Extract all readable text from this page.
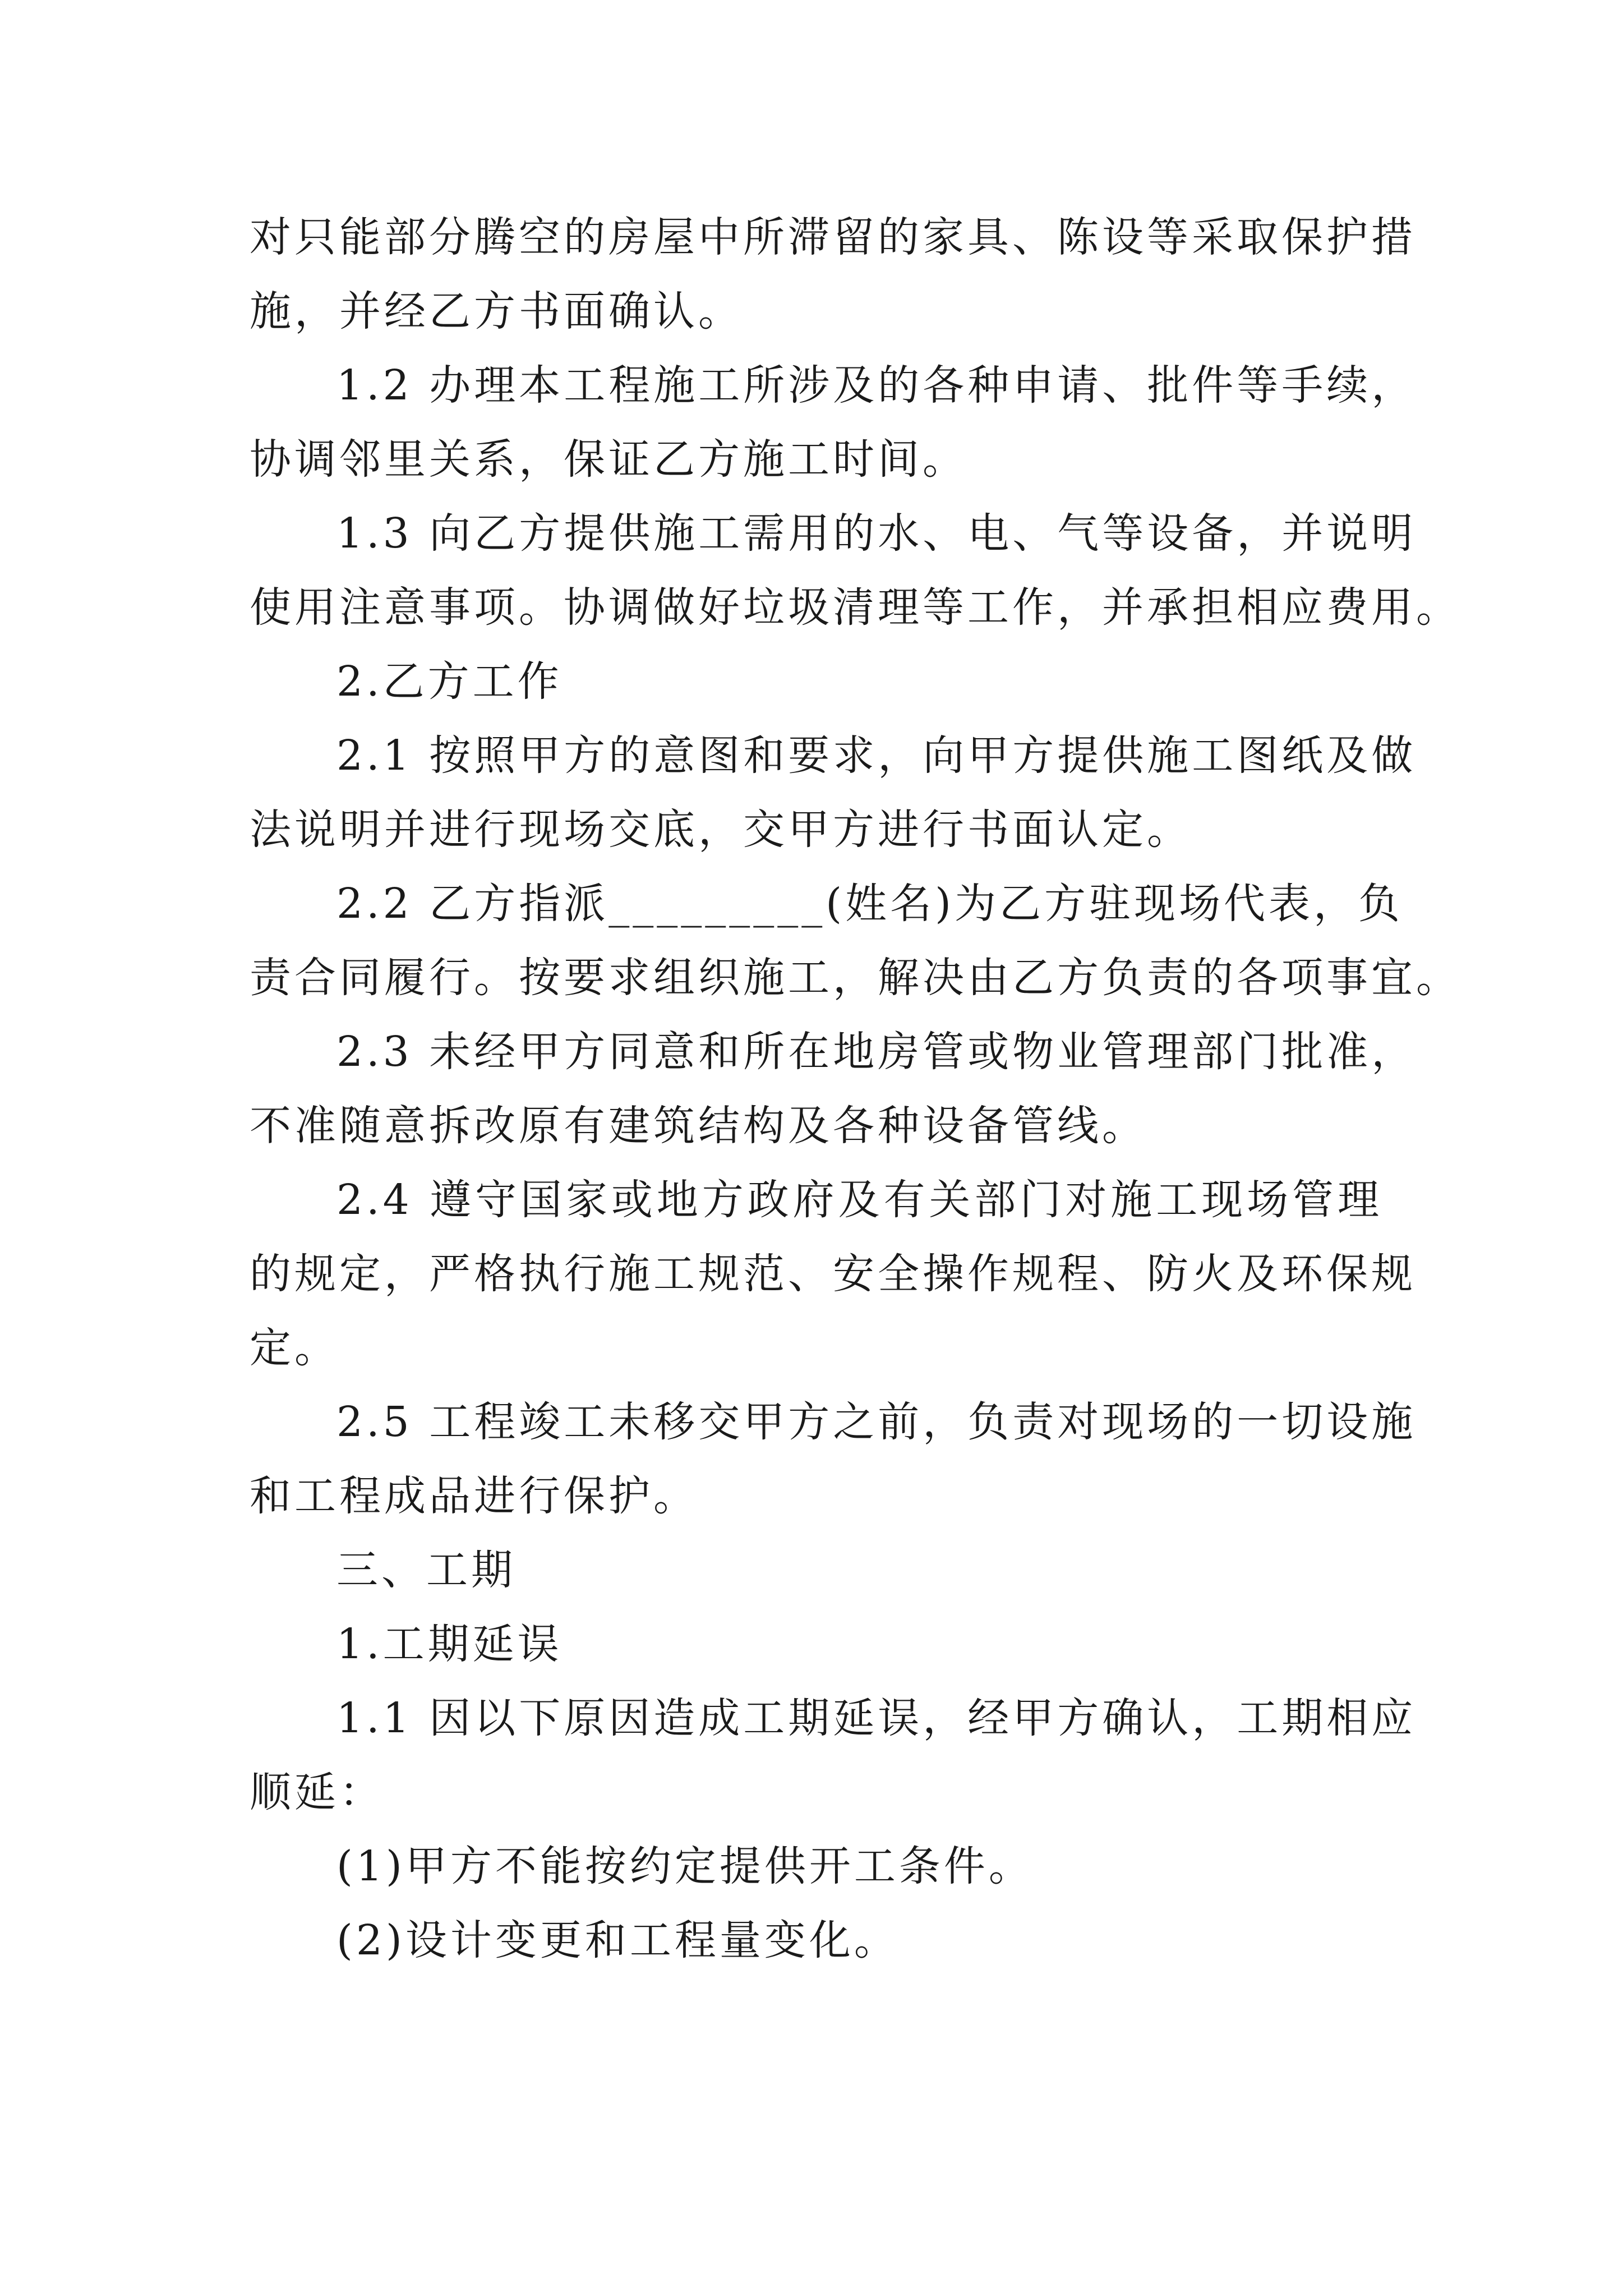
对只能部分腾空的房屋中所滞留的家具、陈设等采取保护措
施，并经乙方书面确认。
1.2 办理本工程施工所涉及的各种申请、批件等手续，
协调邻里关系，保证乙方施工时间。
1.3 向乙方提供施工需用的水、电、气等设备，并说明
使用注意事项。协调做好垃圾清理等工作，并承担相应费用。
2.乙方工作
2.1 按照甲方的意图和要求，向甲方提供施工图纸及做
法说明并进行现场交底，交甲方进行书面认定。
2.2 乙方指派_________(姓名)为乙方驻现场代表，负
责合同履行。按要求组织施工，解决由乙方负责的各项事宜。
2.3 未经甲方同意和所在地房管或物业管理部门批准，
不准随意拆改原有建筑结构及各种设备管线。
2.4 遵守国家或地方政府及有关部门对施工现场管理
的规定，严格执行施工规范、安全操作规程、防火及环保规
定。
2.5 工程竣工未移交甲方之前，负责对现场的一切设施
和工程成品进行保护。
三、工期
1.工期延误
1.1 因以下原因造成工期延误，经甲方确认，工期相应
顺延：
(1)甲方不能按约定提供开工条件。
(2)设计变更和工程量变化。
